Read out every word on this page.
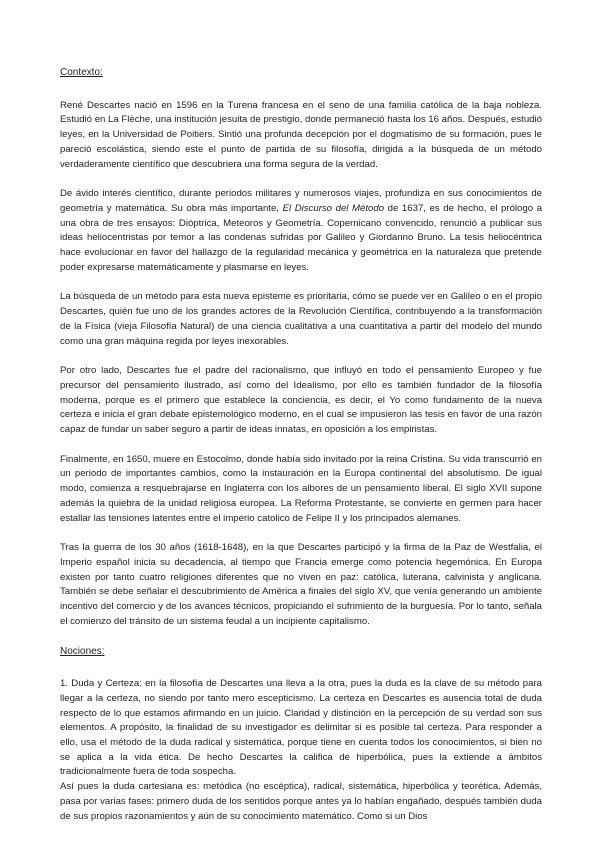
Contexto:

René Descartes nació en 1596 en la Turena francesa en el seno de una familia católica de la baja nobleza. Estudió en La Flèche, una institución jesuita de prestigio, donde permaneció hasta los 16 años. Después, estudió leyes, en la Universidad de Poitiers. Sintió una profunda decepción por el dogmatismo de su formación, pues le pareció escolástica, siendo este el punto de partida de su filosofía, dirigida a la búsqueda de un método verdaderamente científico que descubriera una forma segura de la verdad.

De ávido interés científico, durante periodos militares y numerosos viajes, profundiza en sus conocimientos de geometría y matemática. Su obra más importante, El Discurso del Método de 1637, es de hecho, el prólogo a una obra de tres ensayos: Dióptrica, Meteoros y Geometría. Copernicano convencido, renunció a publicar sus ideas heliocentristas por temor a las condenas sufridas por Galileo y Giordanno Bruno. La tesis heliocéntrica hace evolucionar en favor del hallazgo de la regularidad mecánica y geométrica en la naturaleza que pretende poder expresarse matemáticamente y plasmarse en leyes.

La búsqueda de un método para esta nueva episteme es prioritaria, cómo se puede ver en Galileo o en el propio Descartes, quién fue uno de los grandes actores de la Revolución Científica, contribuyendo a la transformación de la Física (vieja Filosofía Natural) de una ciencia cualitativa a una cuantitativa a partir del modelo del mundo como una gran máquina regida por leyes inexorables.

Por otro lado, Descartes fue el padre del racionalismo, que influyó en todo el pensamiento Europeo y fue precursor del pensamiento ilustrado, así como del Idealismo, por ello es también fundador de la filosofía moderna, porque es el primero que establece la conciencia, es decir, el Yo como fundamento de la nueva certeza e inicia el gran debate epistemológico moderno, en el cual se impusieron las tesis en favor de una razón capaz de fundar un saber seguro a partir de ideas innatas, en oposición a los empiristas.

Finalmente, en 1650, muere en Estocolmo, donde había sido invitado por la reina Cristina. Su vida transcurrió en un periodo de importantes cambios, como la instauración en la Europa continental del absolutismo. De igual modo, comienza a resquebrajarse en Inglaterra con los albores de un pensamiento liberal. El siglo XVII supone además la quiebra de la unidad religiosa europea. La Reforma Protestante, se convierte en germen para hacer estallar las tensiones latentes entre el imperio catolico de Felipe II y los principados alemanes.

Tras la guerra de los 30 años (1618-1648), en la que Descartes participó y la firma de la Paz de Westfalia, el Imperio español inicia su decadencia, al tiempo que Francia emerge como potencia hegemónica. En Europa existen por tanto cuatro religiones diferentes que no viven en paz: católica, luterana, calvinista y anglicana. También se debe señalar el descubrimiento de América a finales del siglo XV, que venía generando un ambiente incentivo del comercio y de los avances técnicos, propiciando el sufrimiento de la burguesía. Por lo tanto, señala el comienzo del tránsito de un sistema feudal a un incipiente capitalismo.

Nociones:

1. Duda y Certeza: en la filosofía de Descartes una lleva a la otra, pues la duda es la clave de su método para llegar a la certeza, no siendo por tanto mero escepticismo. La certeza en Descartes es ausencia total de duda respecto de lo que estamos afirmando en un juicio. Claridad y distinción en la percepción de su verdad son sus elementos. A propósito, la finalidad de su investigador es delimitar si es posible tal certeza. Para responder a ello, usa el método de la duda radical y sistemática, porque tiene en cuenta todos los conocimientos, si bien no se aplica a la vida ética. De hecho Descartes la califica de hiperbólica, pues la extiende a ámbitos tradicionalmente fuera de toda sospecha.

Así pues la duda cartesiana es: metódica (no escéptica), radical, sistemática, hiperbólica y teorética. Además, pasa por varias fases: primero duda de los sentidos porque antes ya lo habían engañado, después también duda de sus propios razonamientos y aún de su conocimiento matemático. Como si un Dios
